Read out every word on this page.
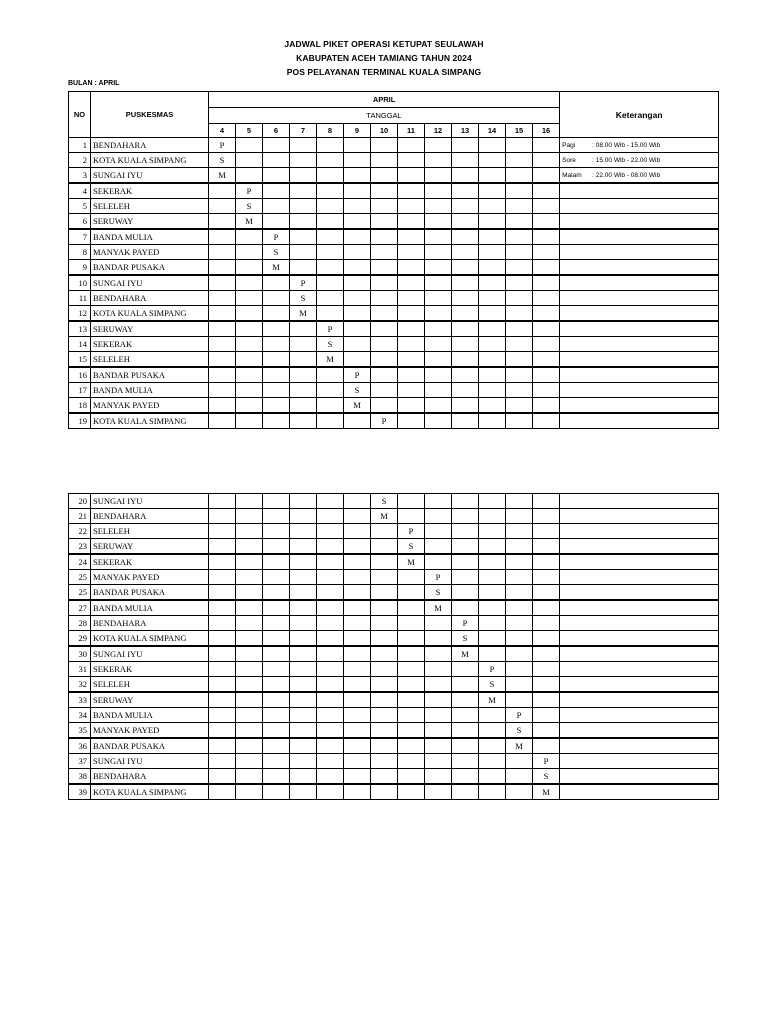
JADWAL PIKET OPERASI KETUPAT SEULAWAH
KABUPATEN ACEH TAMIANG TAHUN 2024
POS PELAYANAN TERMINAL KUALA SIMPANG
BULAN : APRIL
NO	PUSKESMAS	APRIL													Keterangan
		TANGGAL													
		4	5	6	7	8	9	10	11	12	13	14	15	16	
1	BENDAHARA	P													Pagi : 08.00 Wib - 15.00 Wib
2	KOTA KUALA SIMPANG	S													Sore : 15.00 Wib - 22.00 Wib
3	SUNGAI IYU	M													Malam : 22.00 Wib - 08.00 Wib
4	SEKERAK		P												
5	SELELEH		S												
6	SERUWAY		M												
7	BANDA MULIA			P											
8	MANYAK PAYED			S											
9	BANDAR PUSAKA			M											
10	SUNGAI IYU				P										
11	BENDAHARA				S										
12	KOTA KUALA SIMPANG				M										
13	SERUWAY					P									
14	SEKERAK					S									
15	SELELEH					M									
16	BANDAR PUSAKA						P								
17	BANDA MULIA						S								
18	MANYAK PAYED						M								
19	KOTA KUALA SIMPANG							P							
20	SUNGAI IYU							S							
21	BENDAHARA							M							
22	SELELEH								P						
23	SERUWAY								S						
24	SEKERAK								M						
25	MANYAK PAYED									P					
25	BANDAR PUSAKA									S					
27	BANDA MULIA									M					
28	BENDAHARA										P				
29	KOTA KUALA SIMPANG										S				
30	SUNGAI IYU										M				
31	SEKERAK											P			
32	SELELEH											S			
33	SERUWAY											M			
34	BANDA MULIA												P		
35	MANYAK PAYED												S		
36	BANDAR PUSAKA												M		
37	SUNGAI IYU													P	
38	BENDAHARA													S	
39	KOTA KUALA SIMPANG													M	
